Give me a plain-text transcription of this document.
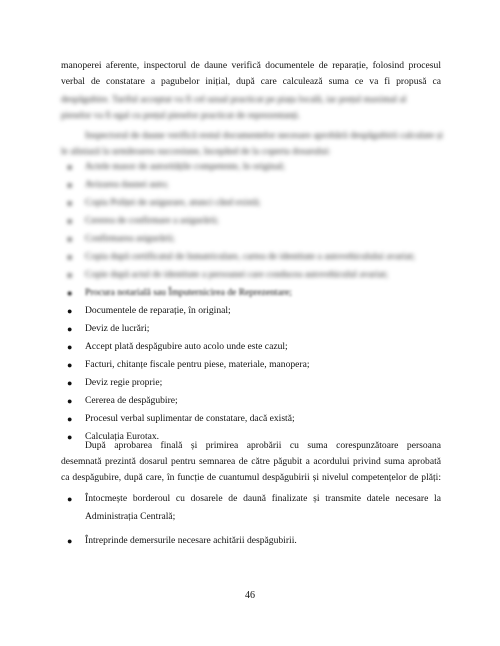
manoperei aferente, inspectorul de daune verifică documentele de reparație, folosind procesul
verbal de constatare a pagubelor inițial, după care calculează suma ce va fi propusă ca
despăgubire. Tariful acceptat va fi cel uzual practicat pe piața locală, iar prețul maximal al
pieselor va fi egal cu prețul pieselor practicat de reprezentanți.
Inspectorul de daune verifică restul documentelor necesare aprobării despăgubirii calculate și
le aliniază la următoarea succesiune, începând de la coperta dosarului:
● Actele masor de autoritățile competente, în original;
● Avizarea daunei auto;
● Copia Poliței de asigurare, atunci când există;
● Cererea de confirmare a asigurării;
● Confirmarea asigurării;
● Copia după certificatul de înmatriculare, cartea de identitate a autovehiculului avariat;
● Copie după actul de identitate a persoanei care conducea autovehiculul avariat;
● Procura notarială sau Împuternicirea de Reprezentare;
● Documentele de reparație, în original;
● Deviz de lucrări;
● Accept plată despăgubire auto acolo unde este cazul;
● Facturi, chitanțe fiscale pentru piese, materiale, manopera;
● Deviz regie proprie;
● Cererea de despăgubire;
● Procesul verbal suplimentar de constatare, dacă există;
● Calculația Eurotax.
După aprobarea finală și primirea aprobării cu suma corespunzătoare persoana
desemnată prezintă dosarul pentru semnarea de către păgubit a acordului privind suma aprobată
ca despăgubire, după care, în funcție de cuantumul despăgubirii și nivelul competențelor de plăți:
● Întocmește borderoul cu dosarele de daună finalizate și transmite datele necesare la Administrația Centrală;
● Întreprinde demersurile necesare achitării despăgubirii.
46
